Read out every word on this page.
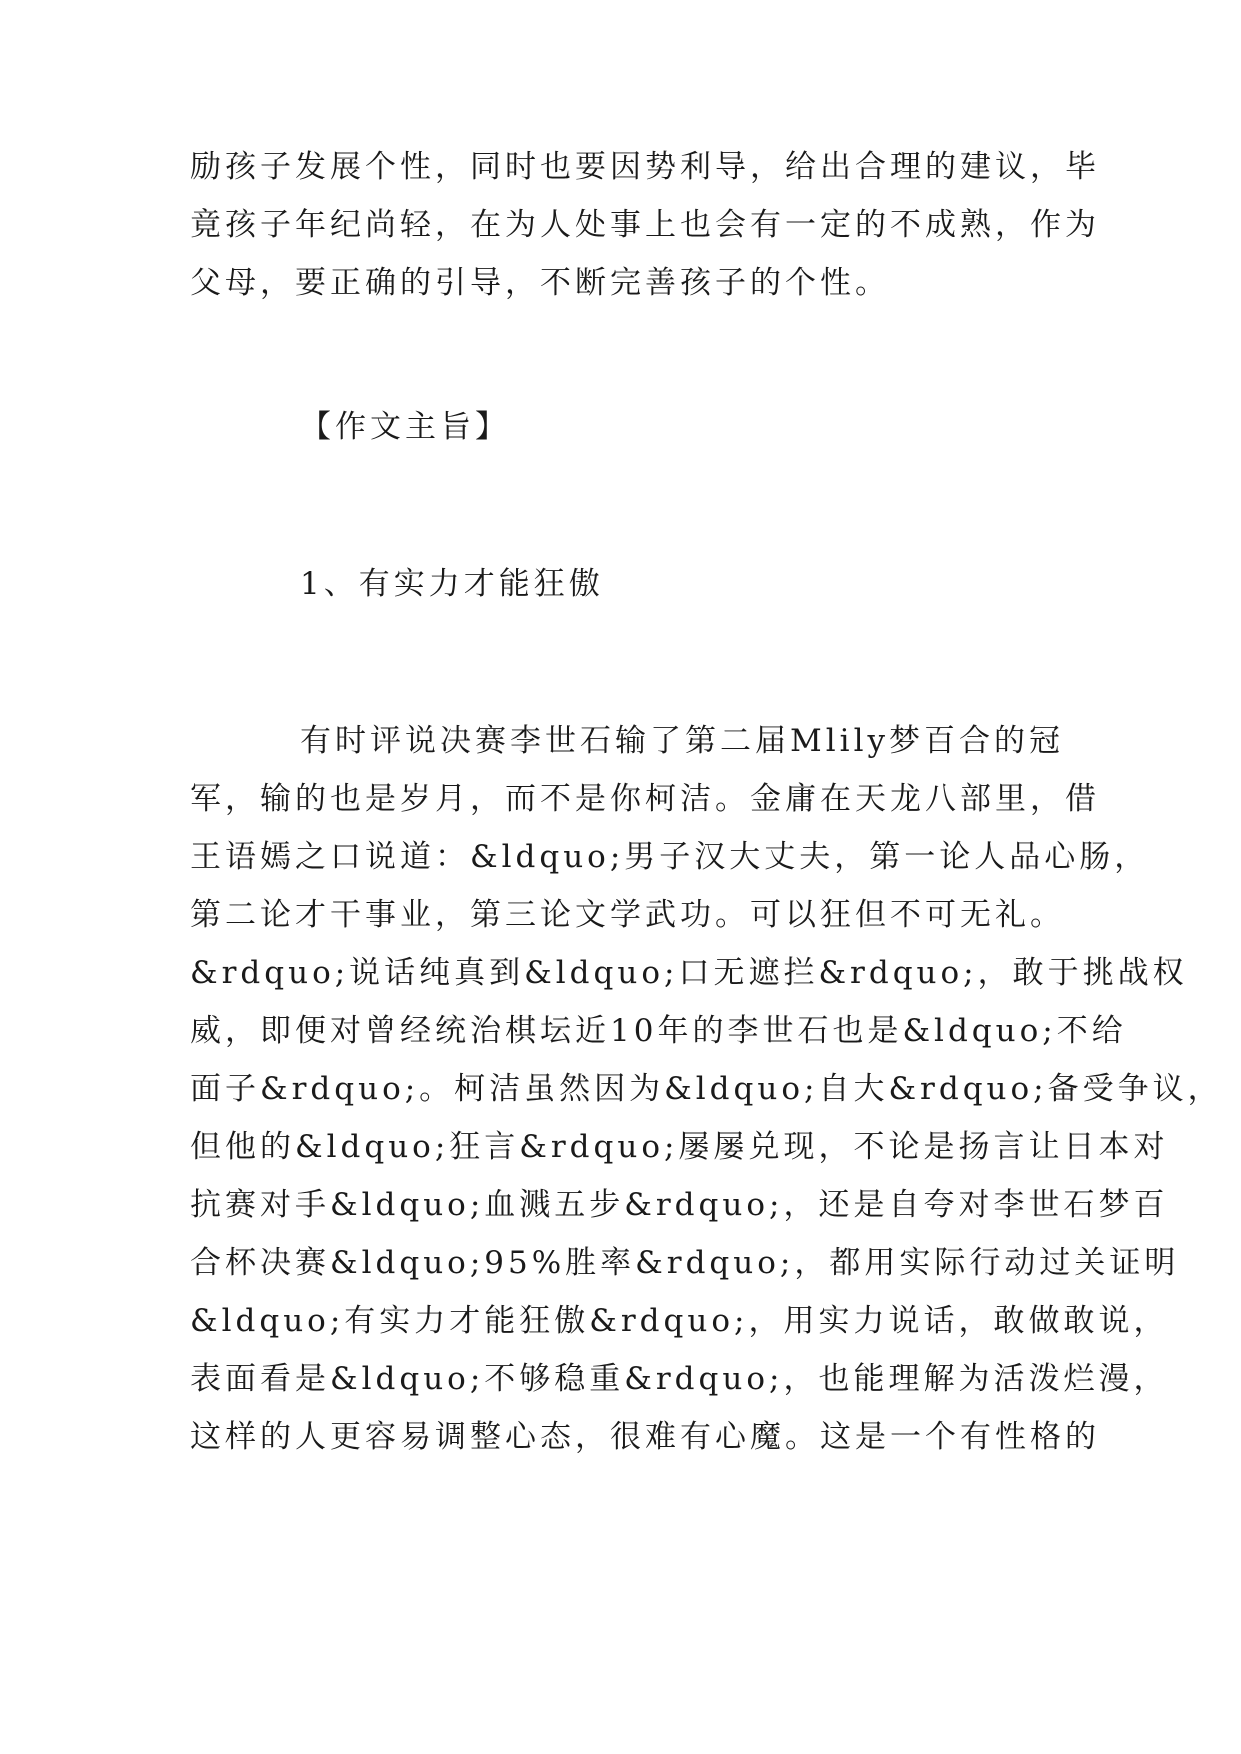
励孩子发展个性，同时也要因势利导，给出合理的建议，毕
竟孩子年纪尚轻，在为人处事上也会有一定的不成熟，作为
父母，要正确的引导，不断完善孩子的个性。

【作文主旨】

1、有实力才能狂傲

有时评说决赛李世石输了第二届Mlily梦百合的冠
军，输的也是岁月，而不是你柯洁。金庸在天龙八部里，借
王语嫣之口说道：&ldquo;男子汉大丈夫，第一论人品心肠，
第二论才干事业，第三论文学武功。可以狂但不可无礼。
&rdquo;说话纯真到&ldquo;口无遮拦&rdquo;，敢于挑战权
威，即便对曾经统治棋坛近10年的李世石也是&ldquo;不给
面子&rdquo;。柯洁虽然因为&ldquo;自大&rdquo;备受争议，
但他的&ldquo;狂言&rdquo;屡屡兑现，不论是扬言让日本对
抗赛对手&ldquo;血溅五步&rdquo;，还是自夸对李世石梦百
合杯决赛&ldquo;95%胜率&rdquo;，都用实际行动过关证明
&ldquo;有实力才能狂傲&rdquo;，用实力说话，敢做敢说，
表面看是&ldquo;不够稳重&rdquo;，也能理解为活泼烂漫，
这样的人更容易调整心态，很难有心魔。这是一个有性格的
